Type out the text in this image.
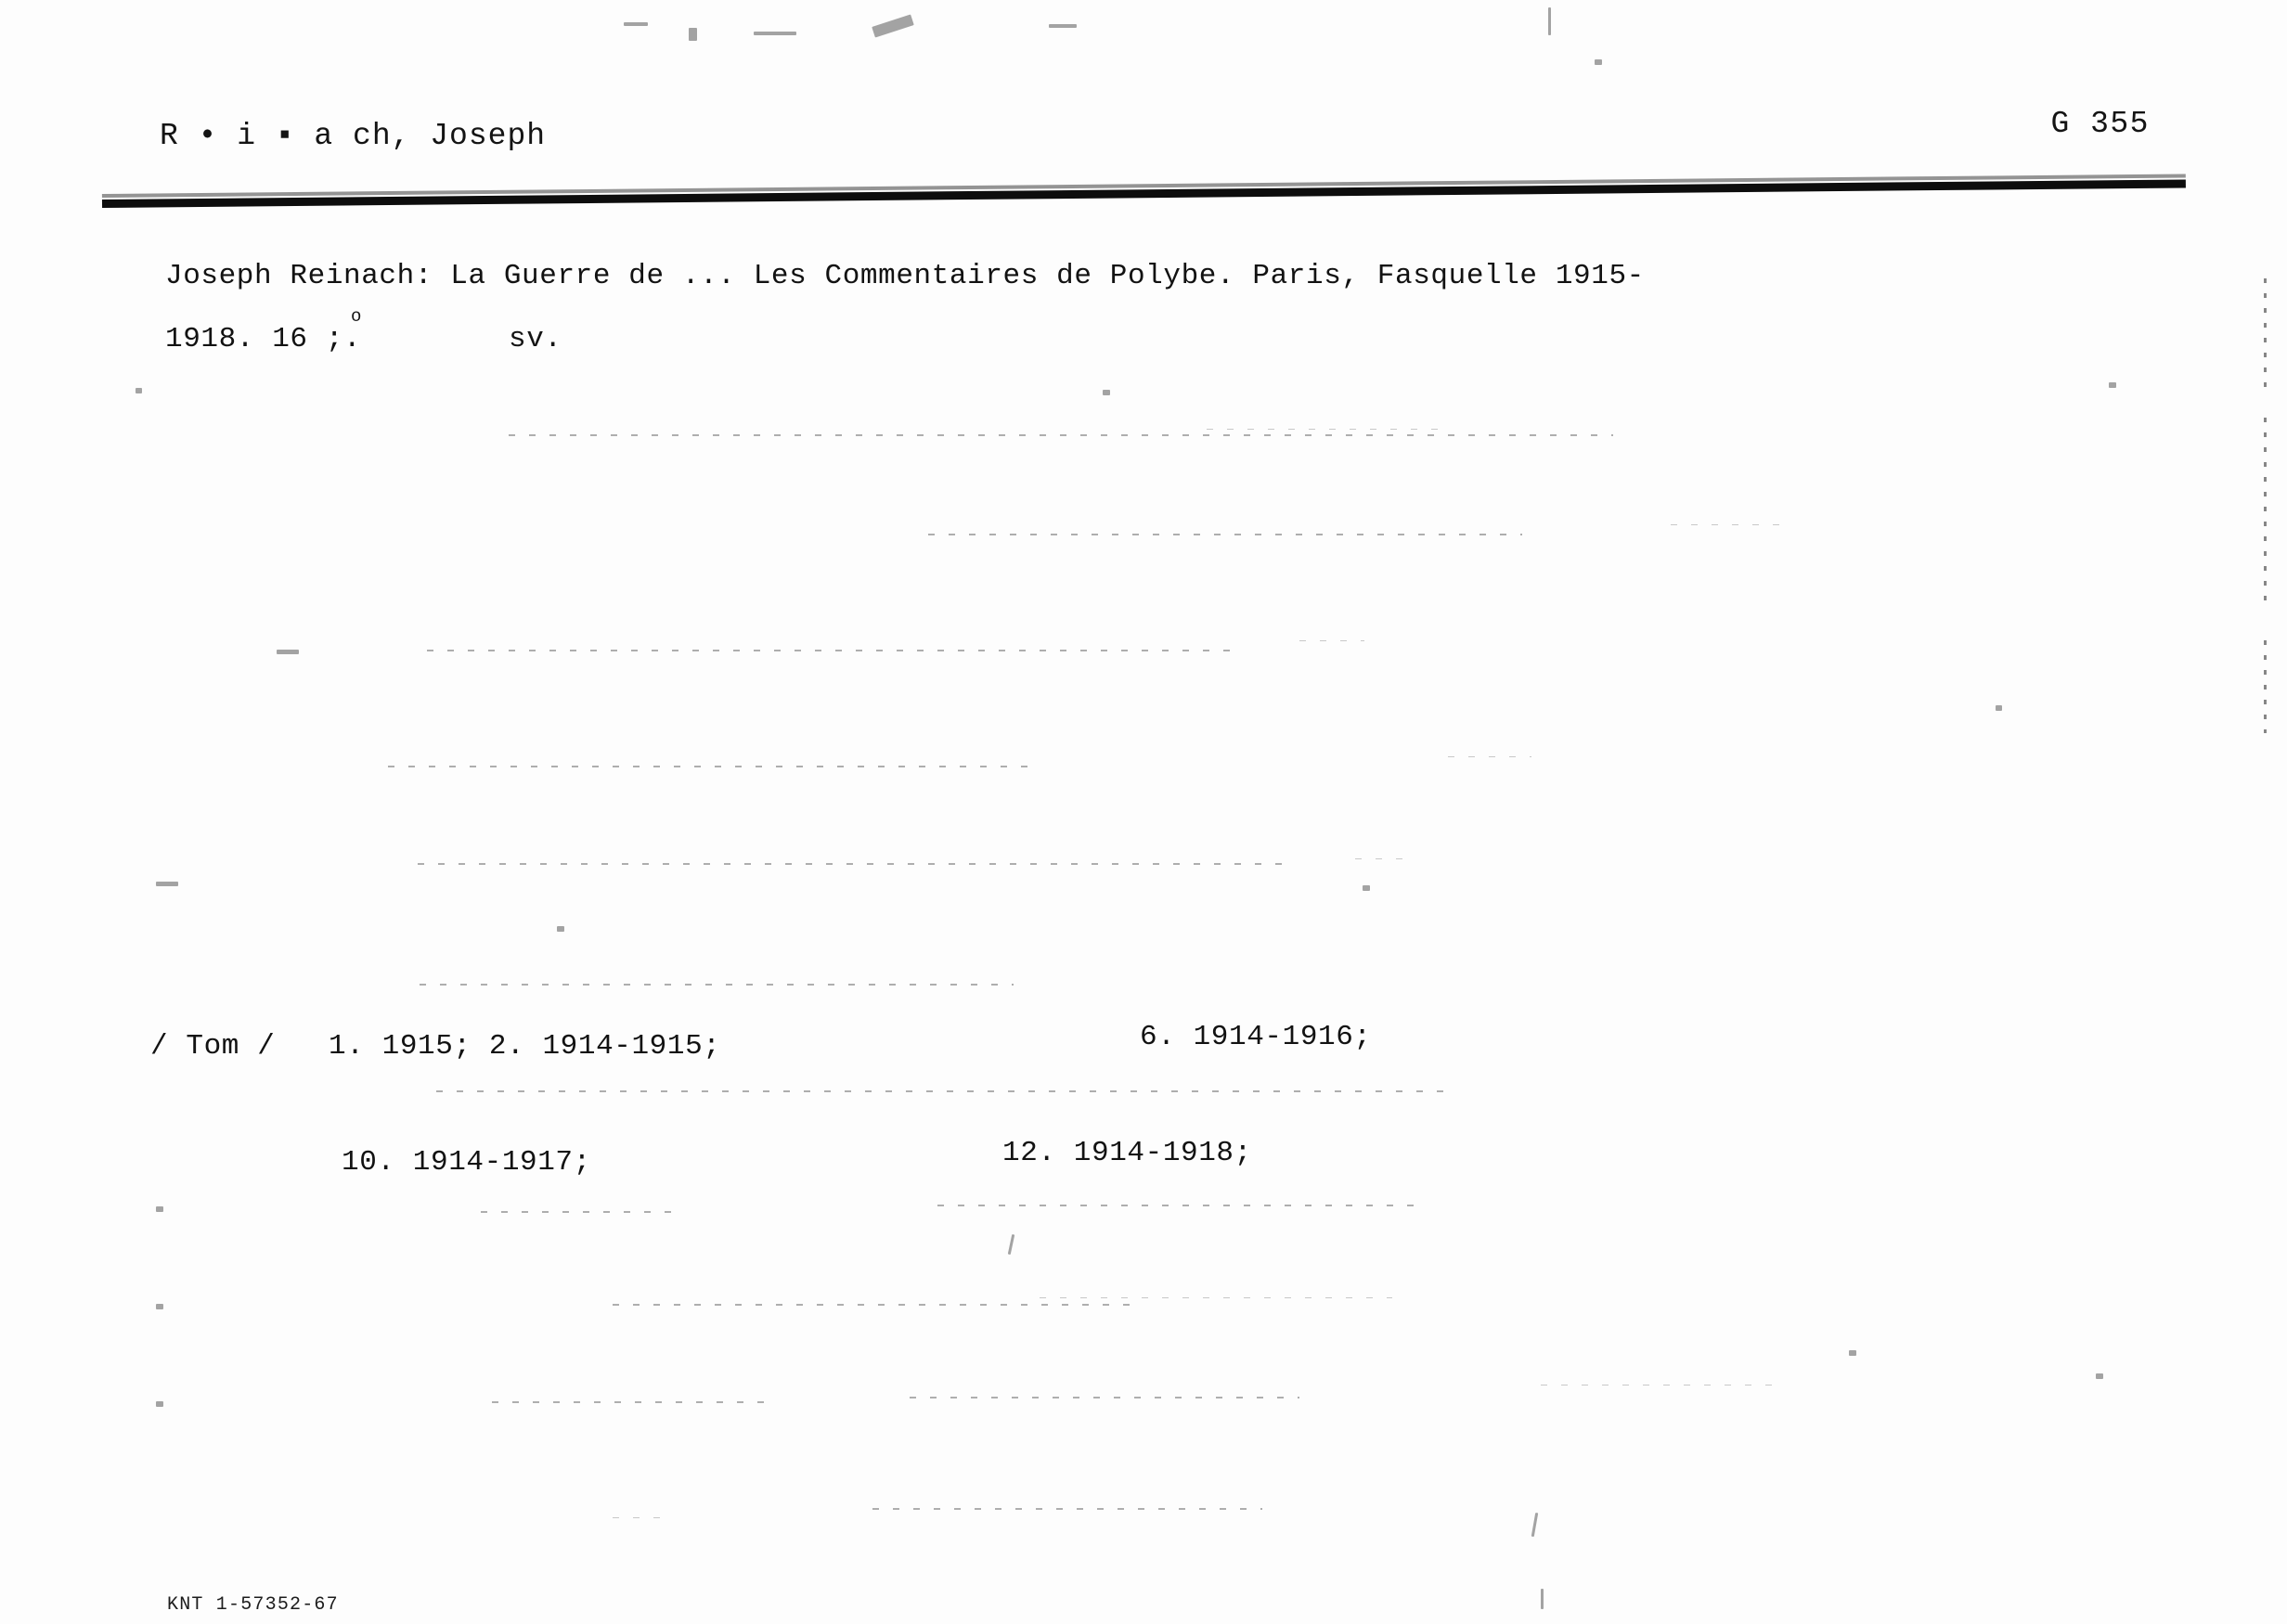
R • i ▪ a ch, Joseph	G 355
Joseph Reinach: La Guerre de ... Les Commentaires de Polybe. Paris, Fasquelle 1915-
1918. 16 ;.
o
sv.
/ Tom / 1. 1915; 2. 1914-1915;	6. 1914-1916;
10. 1914-1917;	12. 1914-1918;
KNT 1-57352-67
